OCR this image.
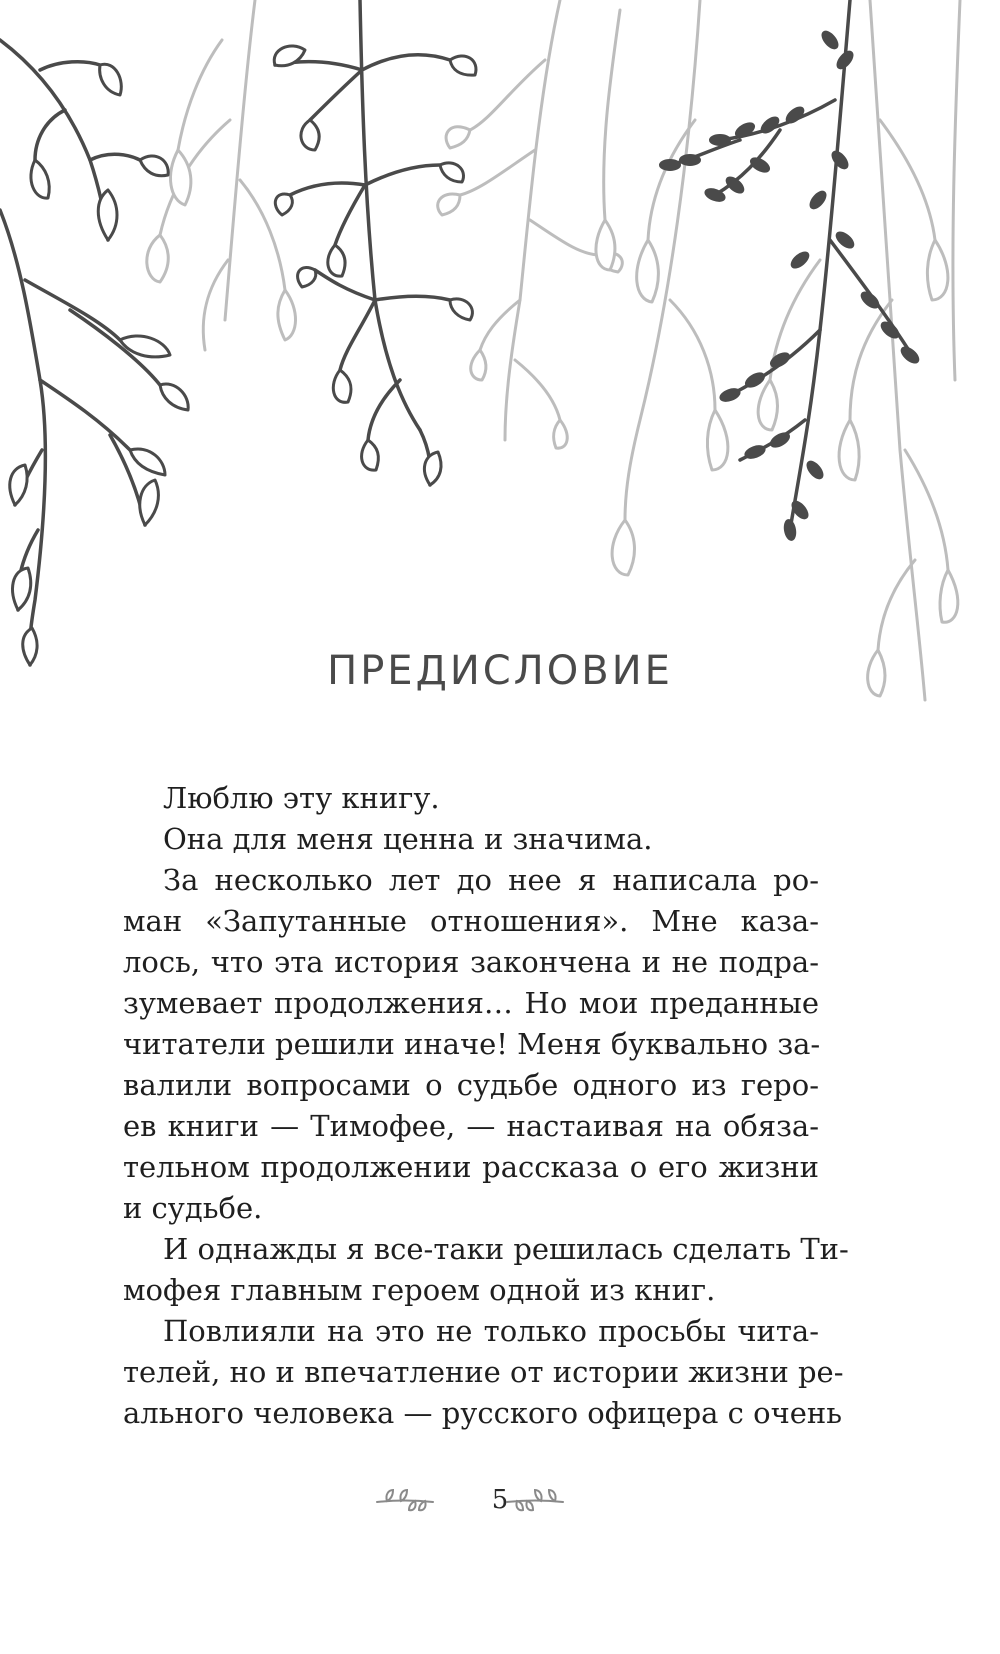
ПРЕДИСЛОВИЕ
Люблю эту книгу.
Она для меня ценна и значима.
За несколько лет до нее я написала ро-
ман «Запутанные отношения». Мне каза-
лось, что эта история закончена и не подра-
зумевает продолжения… Но мои преданные
читатели решили иначе! Меня буквально за-
валили вопросами о судьбе одного из геро-
ев книги — Тимофее, — настаивая на обяза-
тельном продолжении рассказа о его жизни
и судьбе.
И однажды я все-таки решилась сделать Ти-
мофея главным героем одной из книг.
Повлияли на это не только просьбы чита-
телей, но и впечатление от истории жизни ре-
ального человека — русского офицера с очень
5
